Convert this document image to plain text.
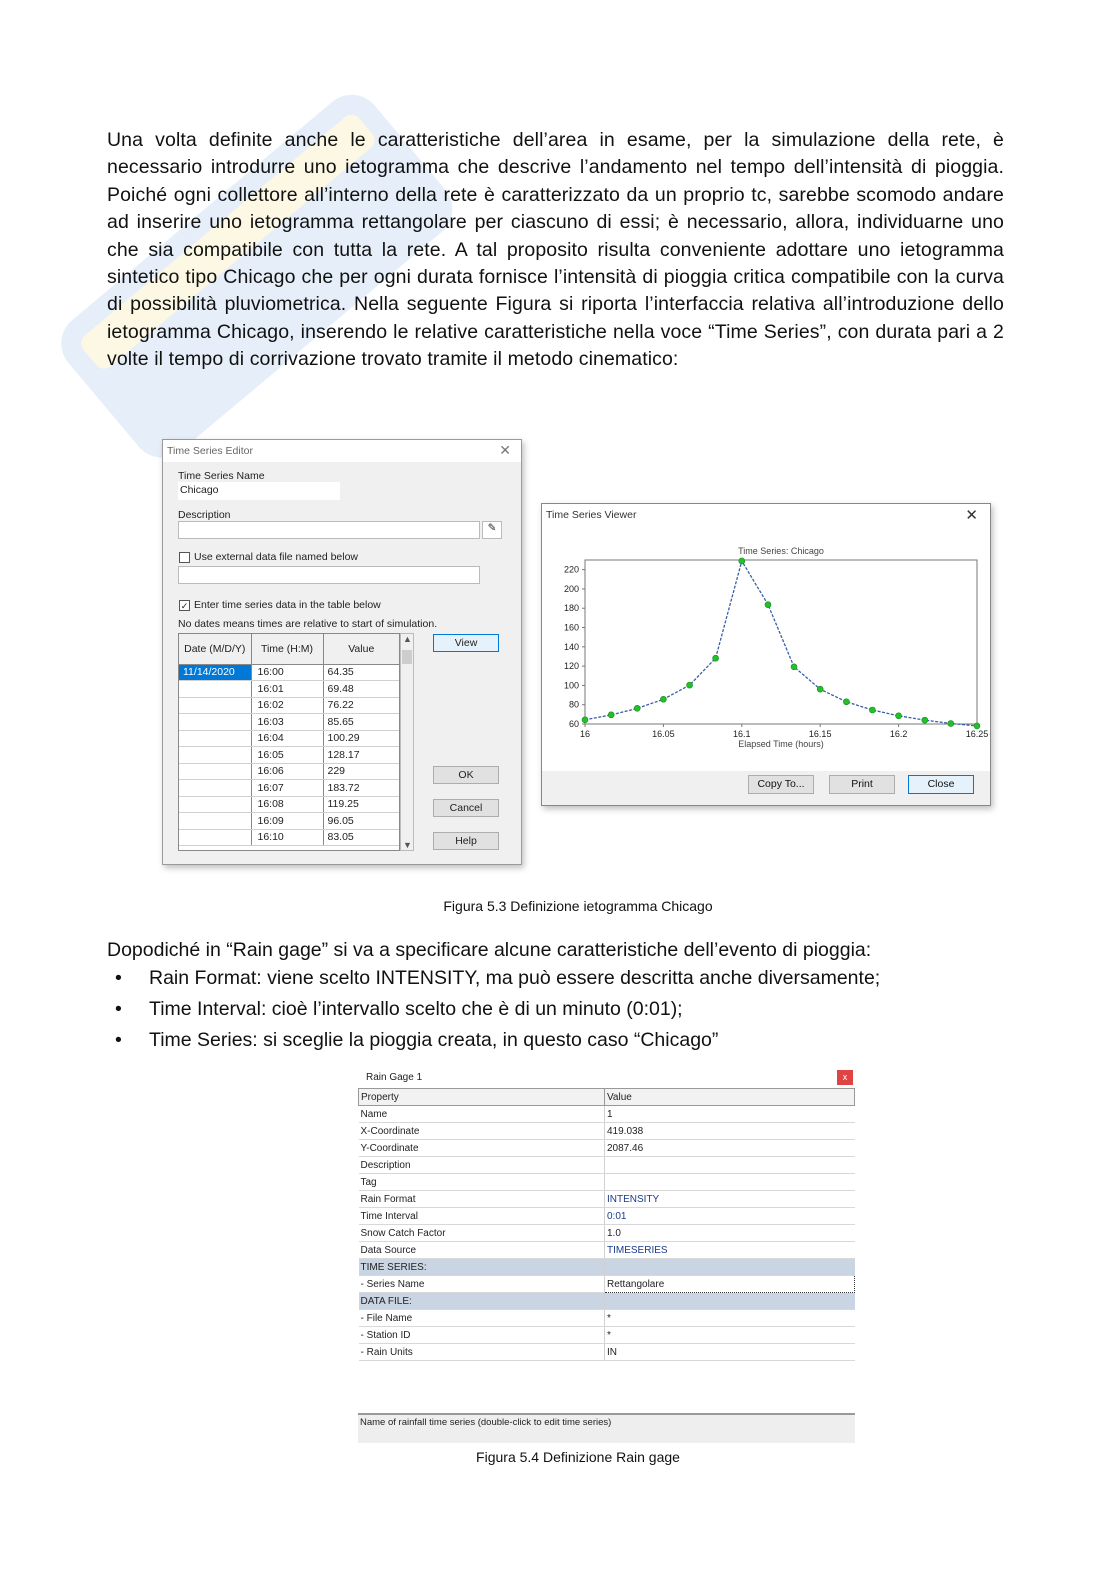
Una volta definite anche le caratteristiche dell’area in esame, per la simulazione della rete, è necessario introdurre uno ietogramma che descrive l’andamento nel tempo dell’intensità di pioggia. Poiché ogni collettore all’interno della rete è caratterizzato da un proprio tc, sarebbe scomodo andare ad inserire uno ietogramma rettangolare per ciascuno di essi; è necessario, allora, individuarne uno che sia compatibile con tutta la rete. A tal proposito risulta conveniente adottare uno ietogramma sintetico tipo Chicago che per ogni durata fornisce l’intensità di pioggia critica compatibile con la curva di possibilità pluviometrica. Nella seguente Figura si riporta l’interfaccia relativa all’introduzione dello ietogramma Chicago, inserendo le relative caratteristiche nella voce “Time Series”, con durata pari a 2 volte il tempo di corrivazione trovato tramite il metodo cinematico:
Time Series Editor	✕
Time Series Name
Chicago
Description
✎
Use external data file named below
✓ Enter time series data in the table below
No dates means times are relative to start of simulation.
Date (M/D/Y)	Time (H:M)	Value
11/14/2020	16:00	64.35
	16:01	69.48
	16:02	76.22
	16:03	85.65
	16:04	100.29
	16:05	128.17
	16:06	229
	16:07	183.72
	16:08	119.25
	16:09	96.05
	16:10	83.05
▲
▼
View
OK
Cancel
Help
Time Series Viewer	✕
Time Series: Chicago
60
80
100
120
140
160
180
200
220
16	16.05	16.1	16.15	16.2	16.25
Elapsed Time (hours)
Copy To...	Print	Close
Figura 5.3 Definizione ietogramma Chicago
Dopodiché in “Rain gage” si va a specificare alcune caratteristiche dell’evento di pioggia:
• Rain Format: viene scelto INTENSITY, ma può essere descritta anche diversamente;
• Time Interval: cioè l’intervallo scelto che è di un minuto (0:01);
• Time Series: si sceglie la pioggia creata, in questo caso “Chicago”
Rain Gage 1	x
Property	Value
Name	1
X-Coordinate	419.038
Y-Coordinate	2087.46
Description	
Tag	
Rain Format	INTENSITY
Time Interval	0:01
Snow Catch Factor	1.0
Data Source	TIMESERIES
TIME SERIES:	
- Series Name	Rettangolare
DATA FILE:	
- File Name	*
- Station ID	*
- Rain Units	IN
Name of rainfall time series (double-click to edit time series)
Figura 5.4 Definizione Rain gage
